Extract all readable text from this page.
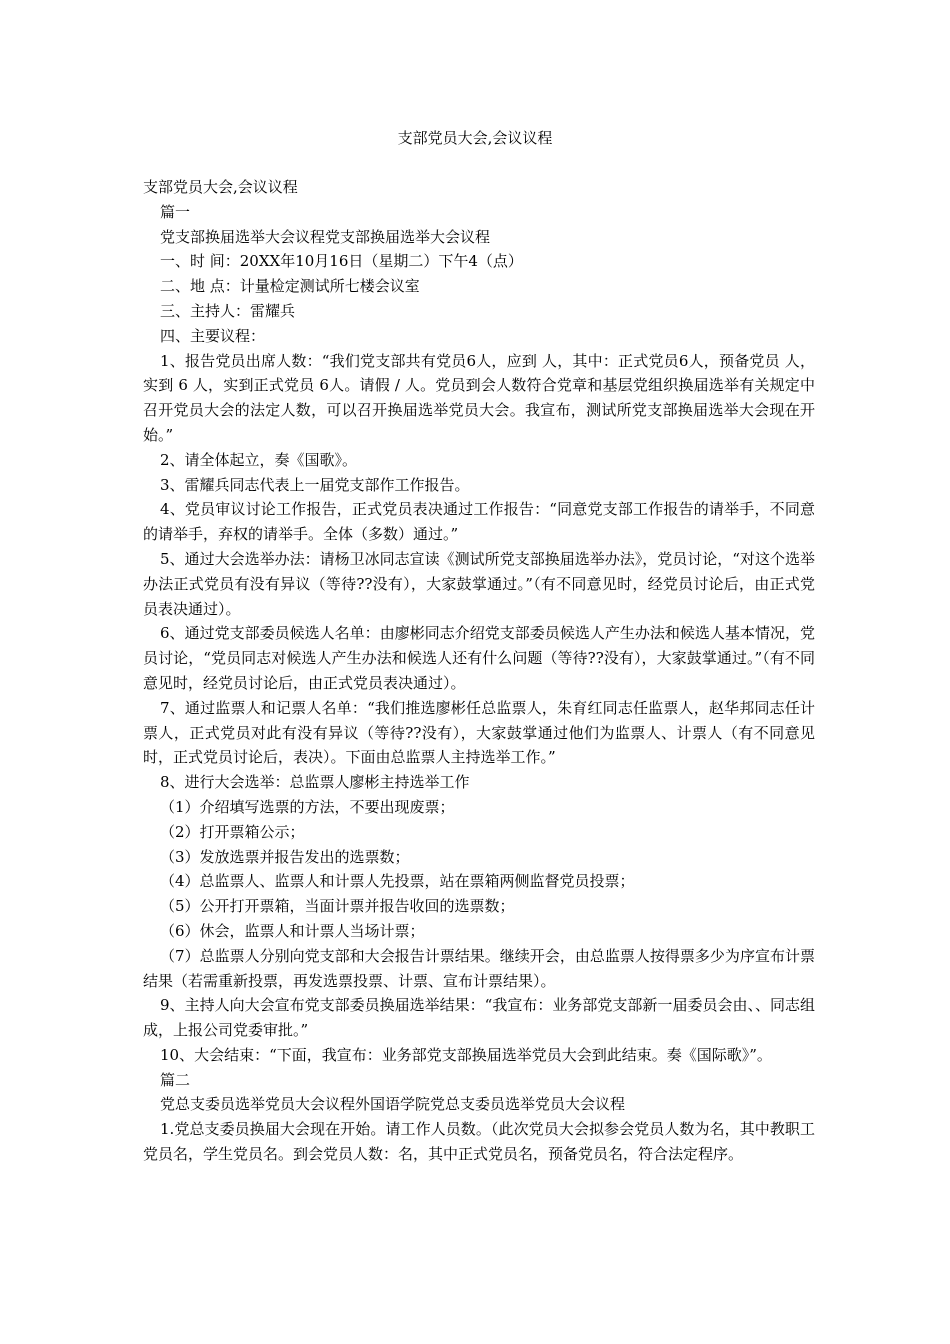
支部党员大会,会议议程

支部党员大会,会议议程

篇一

党支部换届选举大会议程党支部换届选举大会议程

一、时 间：20XX年10月16日（星期二）下午4（点）

二、地 点：计量检定测试所七楼会议室

三、主持人：雷耀兵

四、主要议程：

1、报告党员出席人数：“我们党支部共有党员6人，应到 人，其中：正式党员6人，预备党员 人，实到 6 人，实到正式党员 6人。请假 / 人。党员到会人数符合党章和基层党组织换届选举有关规定中召开党员大会的法定人数，可以召开换届选举党员大会。我宣布，测试所党支部换届选举大会现在开始。”

2、请全体起立，奏《国歌》。

3、雷耀兵同志代表上一届党支部作工作报告。

4、党员审议讨论工作报告，正式党员表决通过工作报告：“同意党支部工作报告的请举手，不同意的请举手，弃权的请举手。全体（多数）通过。”

5、通过大会选举办法：请杨卫冰同志宣读《测试所党支部换届选举办法》，党员讨论，“对这个选举办法正式党员有没有异议（等待??没有），大家鼓掌通过。”（有不同意见时，经党员讨论后，由正式党员表决通过）。

6、通过党支部委员候选人名单：由廖彬同志介绍党支部委员候选人产生办法和候选人基本情况，党员讨论，“党员同志对候选人产生办法和候选人还有什么问题（等待??没有），大家鼓掌通过。”（有不同意见时，经党员讨论后，由正式党员表决通过）。

7、通过监票人和记票人名单：“我们推选廖彬任总监票人，朱育红同志任监票人，赵华邦同志任计票人，正式党员对此有没有异议（等待??没有），大家鼓掌通过他们为监票人、计票人（有不同意见时，正式党员讨论后，表决）。下面由总监票人主持选举工作。”

8、进行大会选举：总监票人廖彬主持选举工作

（1）介绍填写选票的方法，不要出现废票；

（2）打开票箱公示；

（3）发放选票并报告发出的选票数；

（4）总监票人、监票人和计票人先投票，站在票箱两侧监督党员投票；

（5）公开打开票箱，当面计票并报告收回的选票数；

（6）休会，监票人和计票人当场计票；

（7）总监票人分别向党支部和大会报告计票结果。继续开会，由总监票人按得票多少为序宣布计票结果（若需重新投票，再发选票投票、计票、宣布计票结果）。

9、主持人向大会宣布党支部委员换届选举结果：“我宣布：业务部党支部新一届委员会由、、同志组成，上报公司党委审批。”

10、大会结束：“下面，我宣布：业务部党支部换届选举党员大会到此结束。奏《国际歌》”。

篇二

党总支委员选举党员大会议程外国语学院党总支委员选举党员大会议程

1.党总支委员换届大会现在开始。请工作人员数。（此次党员大会拟参会党员人数为名，其中教职工党员名，学生党员名。到会党员人数：名，其中正式党员名，预备党员名，符合法定程序。
